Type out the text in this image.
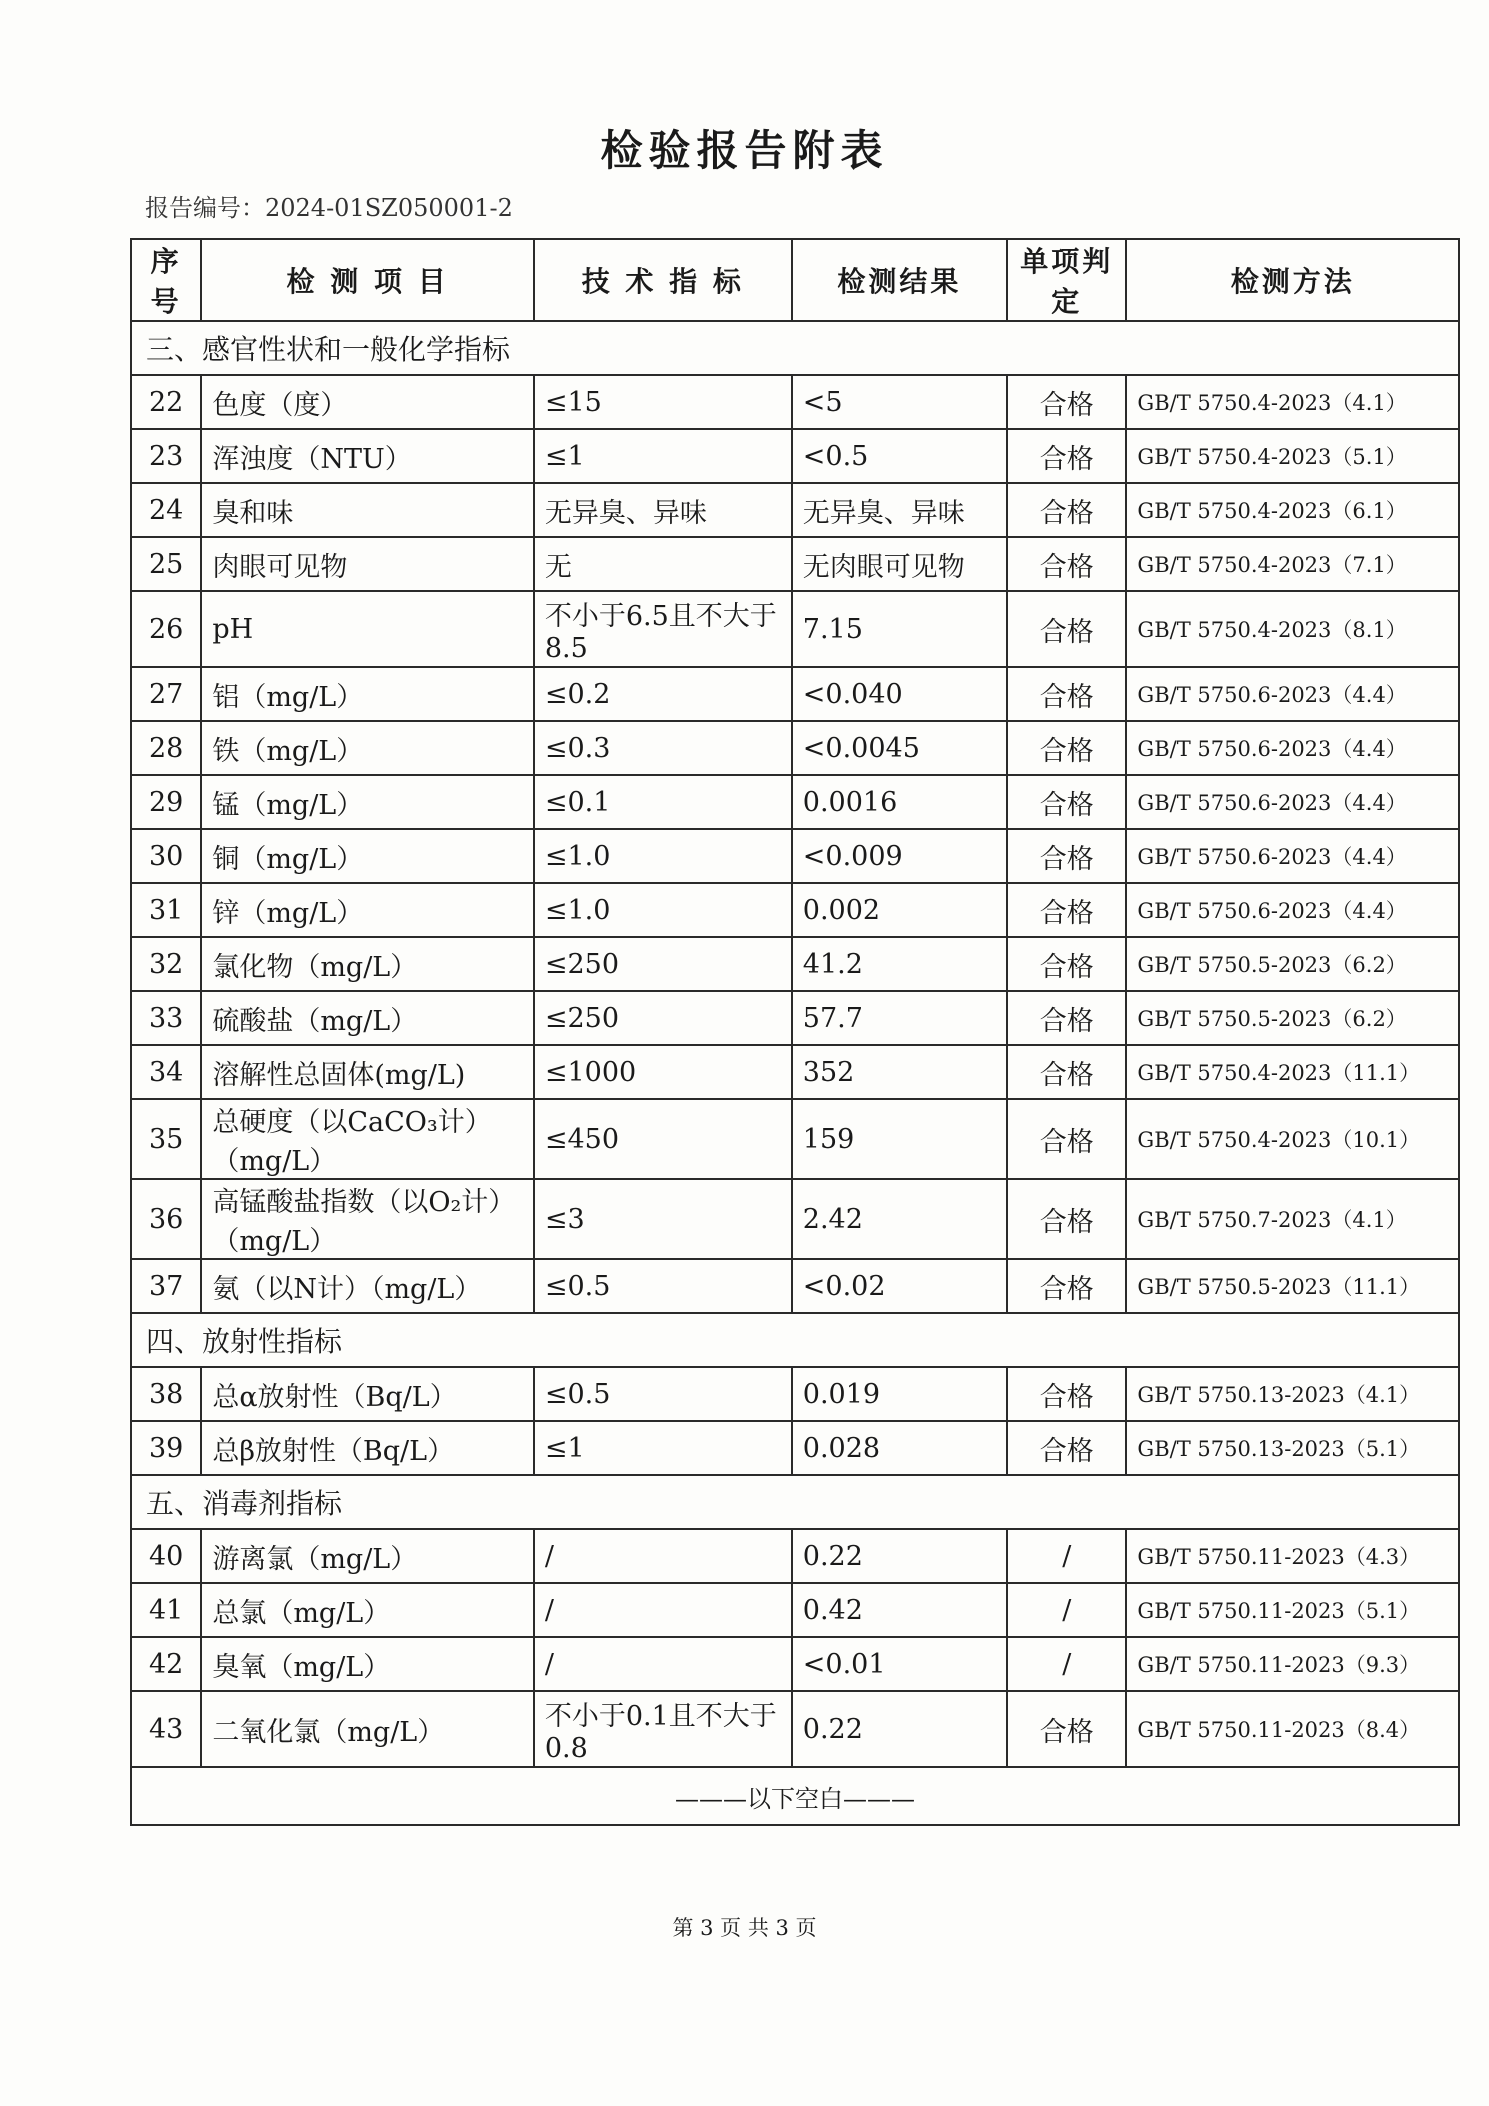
检验报告附表
报告编号：2024-01SZ050001-2
序号	检 测 项 目	技 术 指 标	检测结果	单项判定	检测方法
三、感官性状和一般化学指标					
22	色度（度）	≤15	<5	合格	GB/T 5750.4-2023（4.1）
23	浑浊度（NTU）	≤1	<0.5	合格	GB/T 5750.4-2023（5.1）
24	臭和味	无异臭、异味	无异臭、异味	合格	GB/T 5750.4-2023（6.1）
25	肉眼可见物	无	无肉眼可见物	合格	GB/T 5750.4-2023（7.1）
26	pH	不小于6.5且不大于8.5	7.15	合格	GB/T 5750.4-2023（8.1）
27	铝（mg/L）	≤0.2	<0.040	合格	GB/T 5750.6-2023（4.4）
28	铁（mg/L）	≤0.3	<0.0045	合格	GB/T 5750.6-2023（4.4）
29	锰（mg/L）	≤0.1	0.0016	合格	GB/T 5750.6-2023（4.4）
30	铜（mg/L）	≤1.0	<0.009	合格	GB/T 5750.6-2023（4.4）
31	锌（mg/L）	≤1.0	0.002	合格	GB/T 5750.6-2023（4.4）
32	氯化物（mg/L）	≤250	41.2	合格	GB/T 5750.5-2023（6.2）
33	硫酸盐（mg/L）	≤250	57.7	合格	GB/T 5750.5-2023（6.2）
34	溶解性总固体(mg/L)	≤1000	352	合格	GB/T 5750.4-2023（11.1）
35	总硬度（以CaCO₃计）（mg/L）	≤450	159	合格	GB/T 5750.4-2023（10.1）
36	高锰酸盐指数（以O₂计）（mg/L）	≤3	2.42	合格	GB/T 5750.7-2023（4.1）
37	氨（以N计）（mg/L）	≤0.5	<0.02	合格	GB/T 5750.5-2023（11.1）
四、放射性指标					
38	总α放射性（Bq/L）	≤0.5	0.019	合格	GB/T 5750.13-2023（4.1）
39	总β放射性（Bq/L）	≤1	0.028	合格	GB/T 5750.13-2023（5.1）
五、消毒剂指标					
40	游离氯（mg/L）	/	0.22	/	GB/T 5750.11-2023（4.3）
41	总氯（mg/L）	/	0.42	/	GB/T 5750.11-2023（5.1）
42	臭氧（mg/L）	/	<0.01	/	GB/T 5750.11-2023（9.3）
43	二氧化氯（mg/L）	不小于0.1且不大于0.8	0.22	合格	GB/T 5750.11-2023（8.4）
———以下空白———					
第 3 页 共 3 页
